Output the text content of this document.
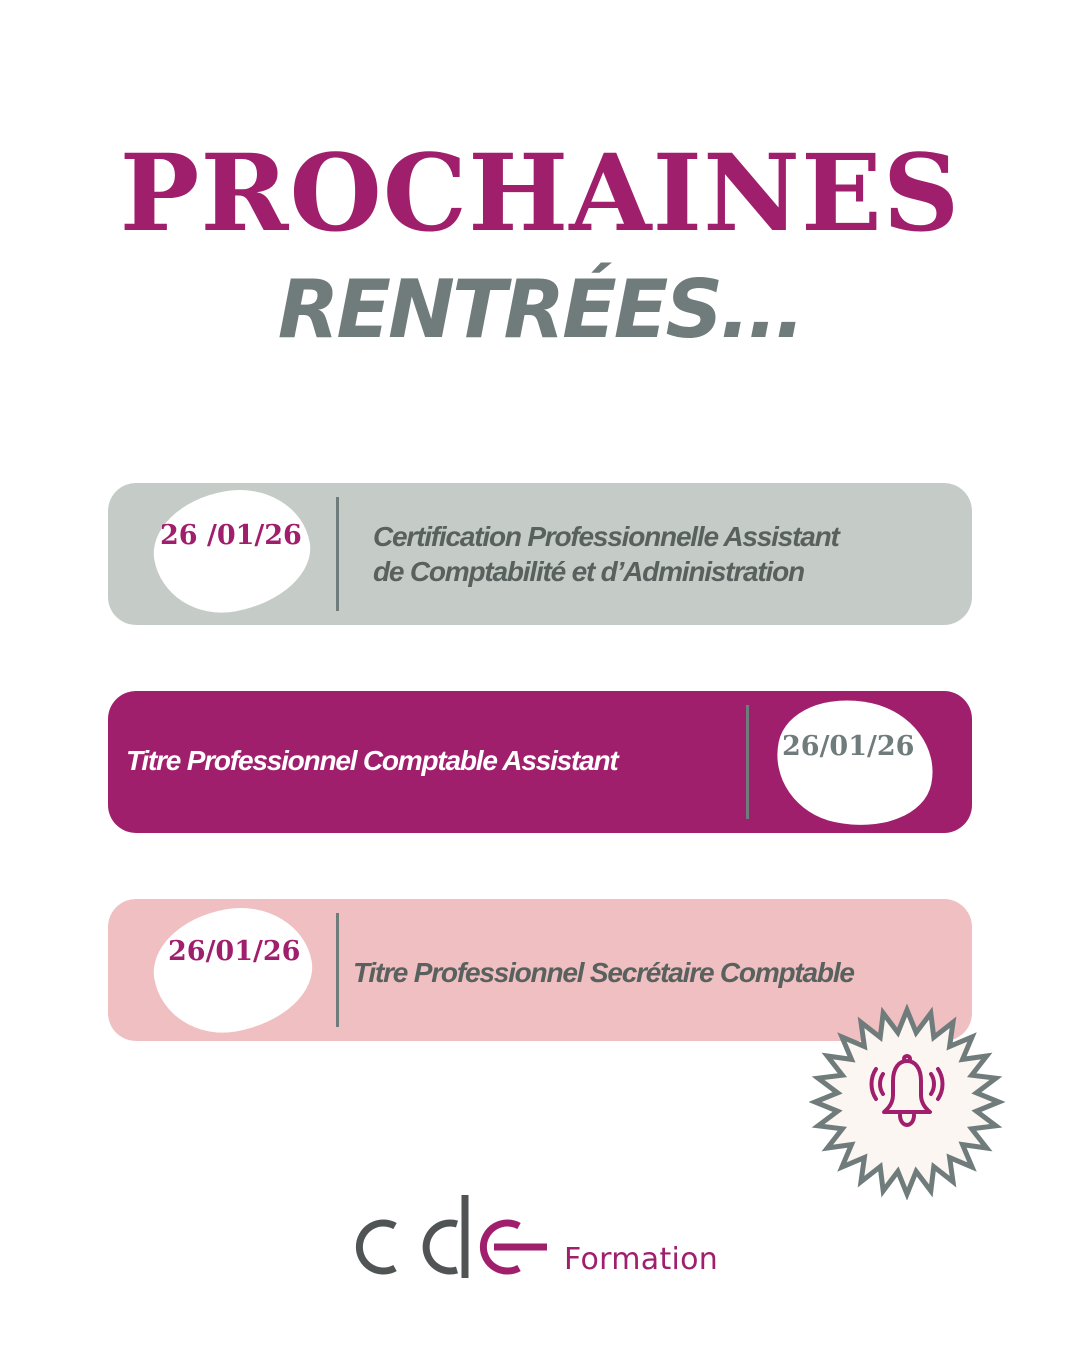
PROCHAINES
RENTRÉES...
26 /01/26	Certification Professionnelle Assistant
de Comptabilité et d’Administration
Titre Professionnel Comptable Assistant	26/01/26
26/01/26
Titre Professionnel Secrétaire Comptable
Formation
